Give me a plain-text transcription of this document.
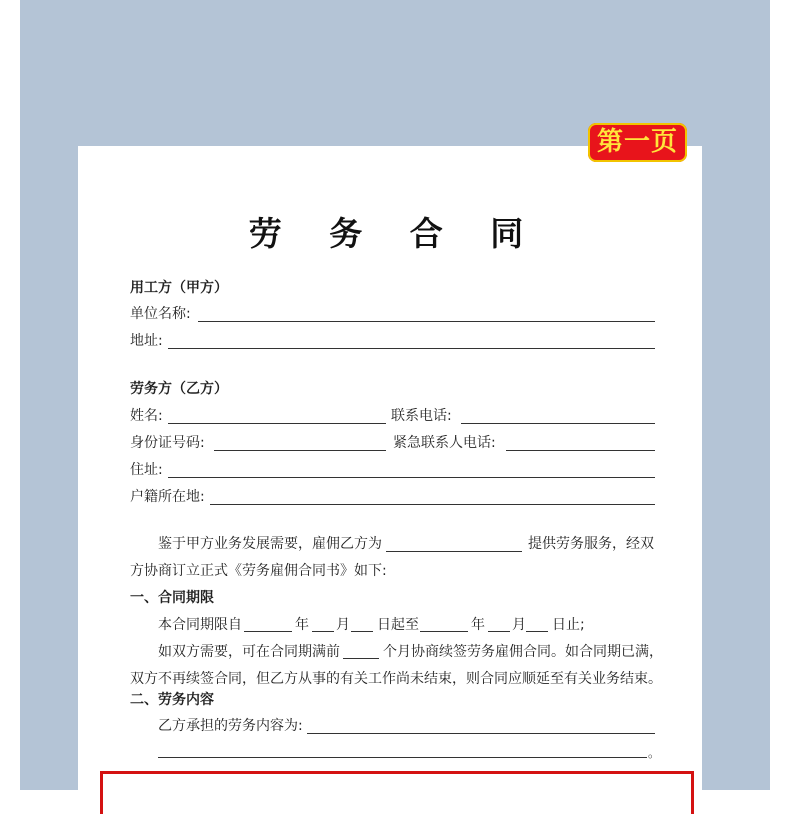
第一页
劳 务 合 同
用工方（甲方）
单位名称:
地址:
劳务方（乙方）
姓名:	联系电话:
身份证号码:	紧急联系人电话:
住址:
户籍所在地:
鉴于甲方业务发展需要，雇佣乙方为	提供劳务服务，经双
方协商订立正式《劳务雇佣合同书》如下:
一、合同期限
本合同期限自	年 月 日起至	年 月 日止;
如双方需要，可在合同期满前	个月协商续签劳务雇佣合同。如合同期已满，
双方不再续签合同，但乙方从事的有关工作尚未结束，则合同应顺延至有关业务结束。
二、劳务内容
乙方承担的劳务内容为:
。
